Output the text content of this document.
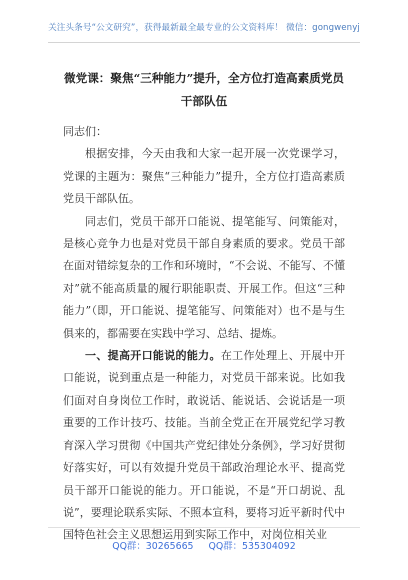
关注头条号“公文研究”，获得最新最全最专业的公文资料库！ 微信：gongwenyj
微党课：聚焦“三种能力”提升，全方位打造高素质党员干部队伍

同志们：

根据安排，今天由我和大家一起开展一次党课学习，党课的主题为：聚焦“三种能力”提升，全方位打造高素质党员干部队伍。

同志们，党员干部开口能说、提笔能写、问策能对，是核心竞争力也是对党员干部自身素质的要求。党员干部在面对错综复杂的工作和环境时，“不会说、不能写、不懂对”就不能高质量的履行职能职责、开展工作。但这“三种能力”（即，开口能说、提笔能写、问策能对）也不是与生俱来的，都需要在实践中学习、总结、提炼。

一、提高开口能说的能力。在工作处理上、开展中开口能说，说到重点是一种能力，对党员干部来说。比如我们面对自身岗位工作时，敢说话、能说话、会说话是一项重要的工作计技巧、技能。当前全党正在开展党纪学习教育深入学习贯彻《中国共产党纪律处分条例》，学习好贯彻好落实好，可以有效提升党员干部政治理论水平、提高党员干部开口能说的能力。开口能说，不是“开口胡说、乱说”，要理论联系实际、不照本宣科，要将习近平新时代中国特色社会主义思想运用到实际工作中，对岗位相关业

QQ群：30265665 QQ群：535304092
